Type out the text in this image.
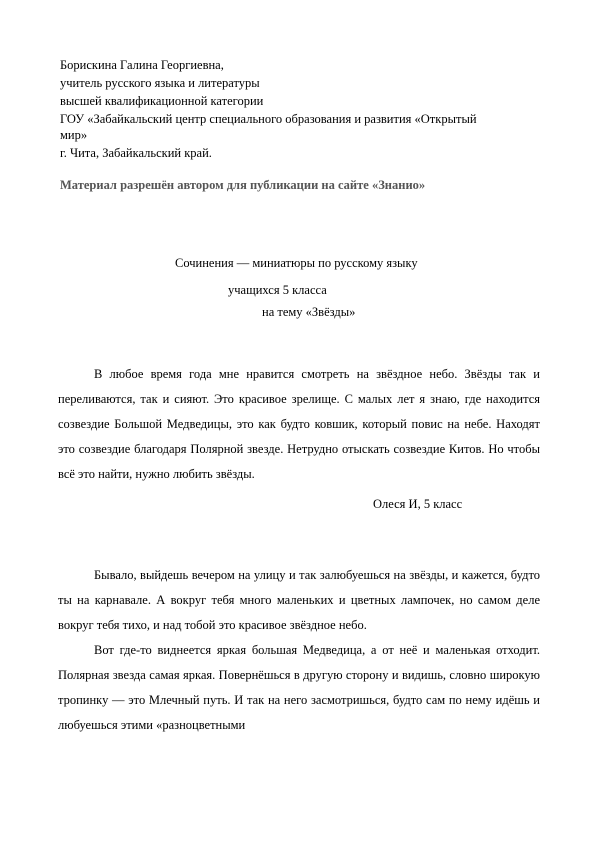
Борискина Галина Георгиевна,
учитель русского языка и литературы
высшей квалификационной категории
ГОУ «Забайкальский центр специального образования и развития «Открытый
мир»
г. Чита, Забайкальский край.
Материал разрешён автором для публикации на сайте «Знанио»
Сочинения — миниатюры по русскому языку
учащихся 5 класса
на тему «Звёзды»

В любое время года мне нравится смотреть на звёздное небо. Звёзды так и переливаются, так и сияют. Это красивое зрелище. С малых лет я знаю, где находится созвездие Большой Медведицы, это как будто ковшик, который повис на небе. Находят это созвездие благодаря Полярной звезде. Нетрудно отыскать созвездие Китов. Но чтобы всё это найти, нужно любить звёзды.

Олеся И, 5 класс

Бывало, выйдешь вечером на улицу и так залюбуешься на звёзды, и кажется, будто ты на карнавале. А вокруг тебя много маленьких и цветных лампочек, но самом деле вокруг тебя тихо, и над тобой это красивое звёздное небо.

Вот где-то виднеется яркая большая Медведица, а от неё и маленькая отходит. Полярная звезда самая яркая. Повернёшься в другую сторону и видишь, словно широкую тропинку — это Млечный путь. И так на него засмотришься, будто сам по нему идёшь и любуешься этими «разноцветными
